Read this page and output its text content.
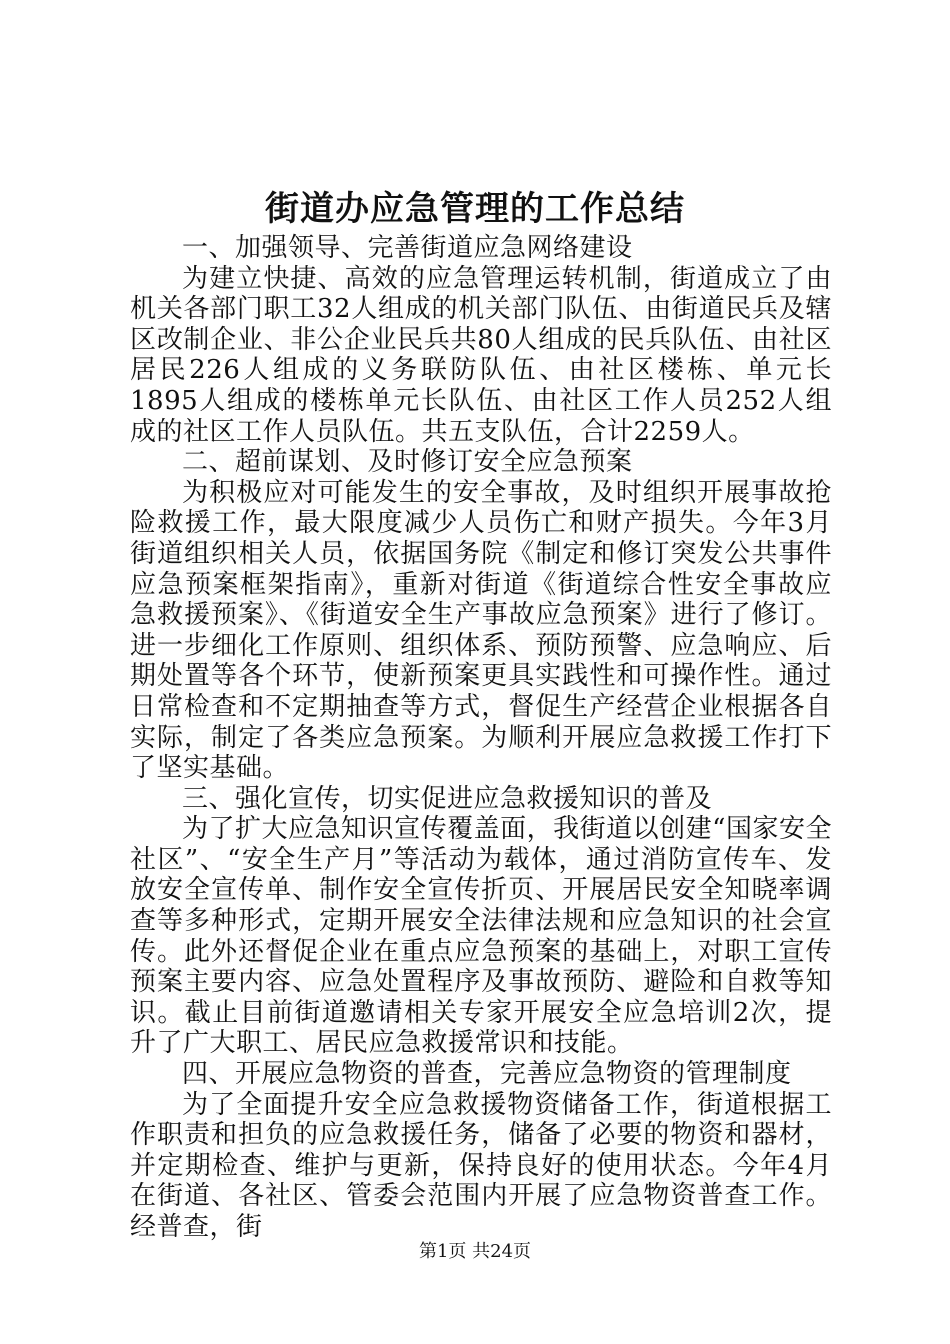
街道办应急管理的工作总结

一、加强领导、完善街道应急网络建设

为建立快捷、高效的应急管理运转机制，街道成立了由机关各部门职工32人组成的机关部门队伍、由街道民兵及辖区改制企业、非公企业民兵共80人组成的民兵队伍、由社区居民226人组成的义务联防队伍、由社区楼栋、单元长1895人组成的楼栋单元长队伍、由社区工作人员252人组成的社区工作人员队伍。共五支队伍，合计2259人。

二、超前谋划、及时修订安全应急预案

为积极应对可能发生的安全事故，及时组织开展事故抢险救援工作，最大限度减少人员伤亡和财产损失。今年3月街道组织相关人员，依据国务院《制定和修订突发公共事件应急预案框架指南》，重新对街道《街道综合性安全事故应急救援预案》、《街道安全生产事故应急预案》进行了修订。进一步细化工作原则、组织体系、预防预警、应急响应、后期处置等各个环节，使新预案更具实践性和可操作性。通过日常检查和不定期抽查等方式，督促生产经营企业根据各自实际，制定了各类应急预案。为顺利开展应急救援工作打下了坚实基础。

三、强化宣传，切实促进应急救援知识的普及

为了扩大应急知识宣传覆盖面，我街道以创建“国家安全社区”、“安全生产月”等活动为载体，通过消防宣传车、发放安全宣传单、制作安全宣传折页、开展居民安全知晓率调查等多种形式，定期开展安全法律法规和应急知识的社会宣传。此外还督促企业在重点应急预案的基础上，对职工宣传预案主要内容、应急处置程序及事故预防、避险和自救等知识。截止目前街道邀请相关专家开展安全应急培训2次，提升了广大职工、居民应急救援常识和技能。

四、开展应急物资的普查，完善应急物资的管理制度

为了全面提升安全应急救援物资储备工作，街道根据工作职责和担负的应急救援任务，储备了必要的物资和器材，并定期检查、维护与更新，保持良好的使用状态。今年4月在街道、各社区、管委会范围内开展了应急物资普查工作。经普查，街

第1页 共24页
